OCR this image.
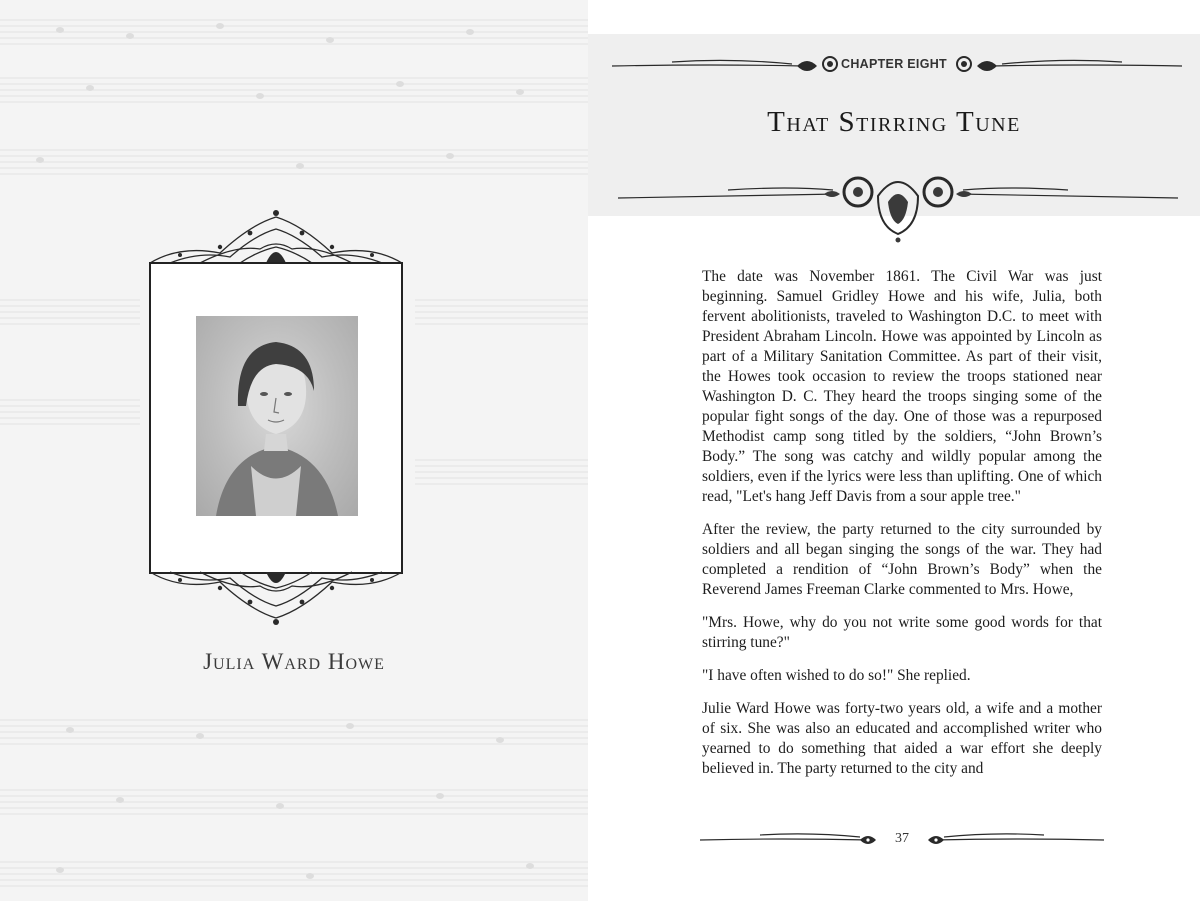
Julia Ward Howe
CHAPTER EIGHT
That Stirring Tune

The date was November 1861. The Civil War was just beginning. Samuel Gridley Howe and his wife, Julia, both fervent abolitionists, traveled to Washington D.C. to meet with President Abraham Lincoln. Howe was appointed by Lincoln as part of a Military Sanitation Committee. As part of their visit, the Howes took occasion to review the troops stationed near Washington D. C. They heard the troops singing some of the popular fight songs of the day. One of those was a repurposed Methodist camp song titled by the soldiers, “John Brown’s Body.” The song was catchy and wildly popular among the soldiers, even if the lyrics were less than uplifting. One of which read, "Let's hang Jeff Davis from a sour apple tree."

After the review, the party returned to the city surrounded by soldiers and all began singing the songs of the war. They had completed a rendition of “John Brown’s Body” when the Reverend James Freeman Clarke commented to Mrs. Howe,

"Mrs. Howe, why do you not write some good words for that stirring tune?"

"I have often wished to do so!" She replied.

Julie Ward Howe was forty-two years old, a wife and a mother of six. She was also an educated and accomplished writer who yearned to do something that aided a war effort she deeply believed in. The party returned to the city and

37
